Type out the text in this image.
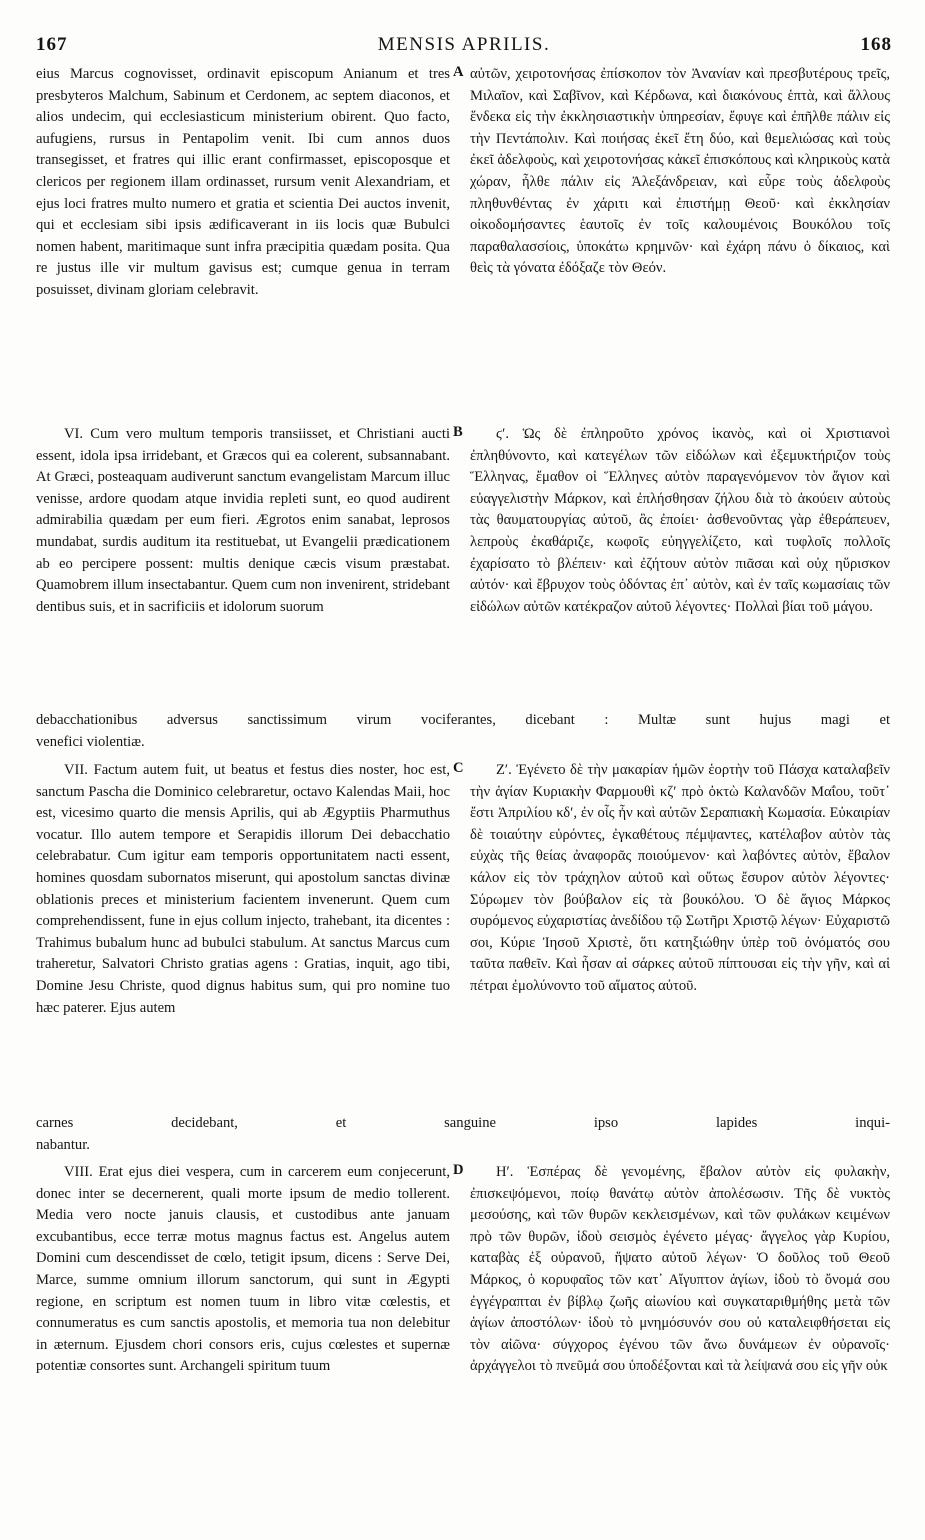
167	MENSIS APRILIS.	168
A
B
C
D

eius Marcus cognovisset, ordinavit episcopum Anianum et tres presbyteros Malchum, Sabinum et Cerdonem, ac septem diaconos, et alios undecim, qui ecclesiasticum ministerium obirent. Quo facto, aufugiens, rursus in Pentapolim venit. Ibi cum annos duos transegisset, et fratres qui illic erant confirmasset, episcoposque et clericos per regionem illam ordinasset, rursum venit Alexandriam, et ejus loci fratres multo numero et gratia et scientia Dei auctos invenit, qui et ecclesiam sibi ipsis ædificaverant in iis locis quæ Bubulci nomen habent, maritimaque sunt infra præcipitia quædam posita. Qua re justus ille vir multum gavisus est; cumque genua in terram posuisset, divinam gloriam celebravit.

αὐτῶν, χειροτονήσας ἐπίσκοπον τὸν Ἀνανίαν καὶ πρεσβυτέρους τρεῖς, Μιλαῖον, καὶ Σαβῖνον, καὶ Κέρδωνα, καὶ διακόνους ἑπτὰ, καὶ ἄλλους ἕνδεκα εἰς τὴν ἐκκλησιαστικὴν ὑπηρεσίαν, ἔφυγε καὶ ἐπῆλθε πάλιν εἰς τὴν Πεντάπολιν. Καὶ ποιήσας ἐκεῖ ἔτη δύο, καὶ θεμελιώσας καὶ τοὺς ἐκεῖ ἀδελφοὺς, καὶ χειροτονήσας κἀκεῖ ἐπισκόπους καὶ κληρικοὺς κατὰ χώραν, ἦλθε πάλιν εἰς Ἀλεξάνδρειαν, καὶ εὗρε τοὺς ἀδελφοὺς πληθυνθέντας ἐν χάριτι καὶ ἐπιστήμῃ Θεοῦ· καὶ ἐκκλησίαν οἰκοδομήσαντες ἑαυτοῖς ἐν τοῖς καλουμένοις Βουκόλου τοῖς παραθαλασσίοις, ὑποκάτω κρημνῶν· καὶ ἐχάρη πάνυ ὁ δίκαιος, καὶ θεὶς τὰ γόνατα ἐδόξαζε τὸν Θεόν.

VI. Cum vero multum temporis transiisset, et Christiani aucti essent, idola ipsa irridebant, et Græcos qui ea colerent, subsannabant. At Græci, posteaquam audiverunt sanctum evangelistam Marcum illuc venisse, ardore quodam atque invidia repleti sunt, eo quod audirent admirabilia quædam per eum fieri. Ægrotos enim sanabat, leprosos mundabat, surdis auditum ita restituebat, ut Evangelii prædicationem ab eo percipere possent: multis denique cæcis visum præstabat. Quamobrem illum insectabantur. Quem cum non invenirent, stridebant dentibus suis, et in sacrificiis et idolorum suorum

ϛʹ. Ὡς δὲ ἐπληροῦτο χρόνος ἱκανὸς, καὶ οἱ Χριστιανοὶ ἐπληθύνοντο, καὶ κατεγέλων τῶν εἰδώλων καὶ ἐξεμυκτήριζον τοὺς Ἕλληνας, ἔμαθον οἱ Ἕλληνες αὐτὸν παραγενόμενον τὸν ἅγιον καὶ εὐαγγελιστὴν Μάρκον, καὶ ἐπλήσθησαν ζήλου διὰ τὸ ἀκούειν αὐτοὺς τὰς θαυματουργίας αὐτοῦ, ἃς ἐποίει· ἀσθενοῦντας γὰρ ἐθεράπευεν, λεπροὺς ἐκαθάριζε, κωφοῖς εὐηγγελίζετο, καὶ τυφλοῖς πολλοῖς ἐχαρίσατο τὸ βλέπειν· καὶ ἐζήτουν αὐτὸν πιᾶσαι καὶ οὐχ ηὕρισκον αὐτόν· καὶ ἔβρυχον τοὺς ὀδόντας ἐπ᾽ αὐτὸν, καὶ ἐν ταῖς κωμασίαις τῶν εἰδώλων αὐτῶν κατέκραζον αὐτοῦ λέγοντες· Πολλαὶ βίαι τοῦ μάγου.

debacchationibus adversus sanctissimum virum vociferantes, dicebant : Multæ sunt hujus magi et

venefici violentiæ.

VII. Factum autem fuit, ut beatus et festus dies noster, hoc est, sanctum Pascha die Dominico celebraretur, octavo Kalendas Maii, hoc est, vicesimo quarto die mensis Aprilis, qui ab Ægyptiis Pharmuthus vocatur. Illo autem tempore et Serapidis illorum Dei debacchatio celebrabatur. Cum igitur eam temporis opportunitatem nacti essent, homines quosdam subornatos miserunt, qui apostolum sanctas divinæ oblationis preces et ministerium facientem invenerunt. Quem cum comprehendissent, fune in ejus collum injecto, trahebant, ita dicentes : Trahimus bubalum hunc ad bubulci stabulum. At sanctus Marcus cum traheretur, Salvatori Christo gratias agens : Gratias, inquit, ago tibi, Domine Jesu Christe, quod dignus habitus sum, qui pro nomine tuo hæc paterer. Ejus autem

Ζʹ. Ἐγένετο δὲ τὴν μακαρίαν ἡμῶν ἑορτὴν τοῦ Πάσχα καταλαβεῖν τὴν ἁγίαν Κυριακὴν Φαρμουθὶ κζʹ πρὸ ὀκτὼ Καλανδῶν Μαΐου, τοῦτ᾽ ἔστι Ἀπριλίου κδʹ, ἐν οἷς ἦν καὶ αὐτῶν Σεραπιακὴ Κωμασία. Εὐκαιρίαν δὲ τοιαύτην εὑρόντες, ἐγκαθέτους πέμψαντες, κατέλαβον αὐτὸν τὰς εὐχὰς τῆς θείας ἀναφορᾶς ποιούμενον· καὶ λαβόντες αὐτὸν, ἔβαλον κάλον εἰς τὸν τράχηλον αὐτοῦ καὶ οὕτως ἔσυρον αὐτὸν λέγοντες· Σύρωμεν τὸν βούβαλον εἰς τὰ βουκόλου. Ὁ δὲ ἅγιος Μάρκος συρόμενος εὐχαριστίας ἀνεδίδου τῷ Σωτῆρι Χριστῷ λέγων· Εὐχαριστῶ σοι, Κύριε Ἰησοῦ Χριστὲ, ὅτι κατηξιώθην ὑπὲρ τοῦ ὀνόματός σου ταῦτα παθεῖν. Καὶ ἦσαν αἱ σάρκες αὐτοῦ πίπτουσαι εἰς τὴν γῆν, καὶ αἱ πέτραι ἐμολύνοντο τοῦ αἵματος αὐτοῦ.

carnes decidebant, et sanguine ipso lapides inqui-

nabantur.

VIII. Erat ejus diei vespera, cum in carcerem eum conjecerunt, donec inter se decernerent, quali morte ipsum de medio tollerent. Media vero nocte januis clausis, et custodibus ante januam excubantibus, ecce terræ motus magnus factus est. Angelus autem Domini cum descendisset de cœlo, tetigit ipsum, dicens : Serve Dei, Marce, summe omnium illorum sanctorum, qui sunt in Ægypti regione, en scriptum est nomen tuum in libro vitæ cœlestis, et connumeratus es cum sanctis apostolis, et memoria tua non delebitur in æternum. Ejusdem chori consors eris, cujus cœlestes et supernæ potentiæ consortes sunt. Archangeli spiritum tuum

Ηʹ. Ἑσπέρας δὲ γενομένης, ἔβαλον αὐτὸν εἰς φυλακὴν, ἐπισκεψόμενοι, ποίῳ θανάτῳ αὐτὸν ἀπολέσωσιν. Τῆς δὲ νυκτὸς μεσούσης, καὶ τῶν θυρῶν κεκλεισμένων, καὶ τῶν φυλάκων κειμένων πρὸ τῶν θυρῶν, ἰδοὺ σεισμὸς ἐγένετο μέγας· ἄγγελος γὰρ Κυρίου, καταβὰς ἐξ οὐρανοῦ, ἥψατο αὐτοῦ λέγων· Ὁ δοῦλος τοῦ Θεοῦ Μάρκος, ὁ κορυφαῖος τῶν κατ᾽ Αἴγυπτον ἁγίων, ἰδοὺ τὸ ὄνομά σου ἐγγέγραπται ἐν βίβλῳ ζωῆς αἰωνίου καὶ συγκαταριθμήθης μετὰ τῶν ἁγίων ἀποστόλων· ἰδοὺ τὸ μνημόσυνόν σου οὐ καταλειφθήσεται εἰς τὸν αἰῶνα· σύγχορος ἐγένου τῶν ἄνω δυνάμεων ἐν οὐρανοῖς· ἀρχάγγελοι τὸ πνεῦμά σου ὑποδέξονται καὶ τὰ λείψανά σου εἰς γῆν οὐκ
